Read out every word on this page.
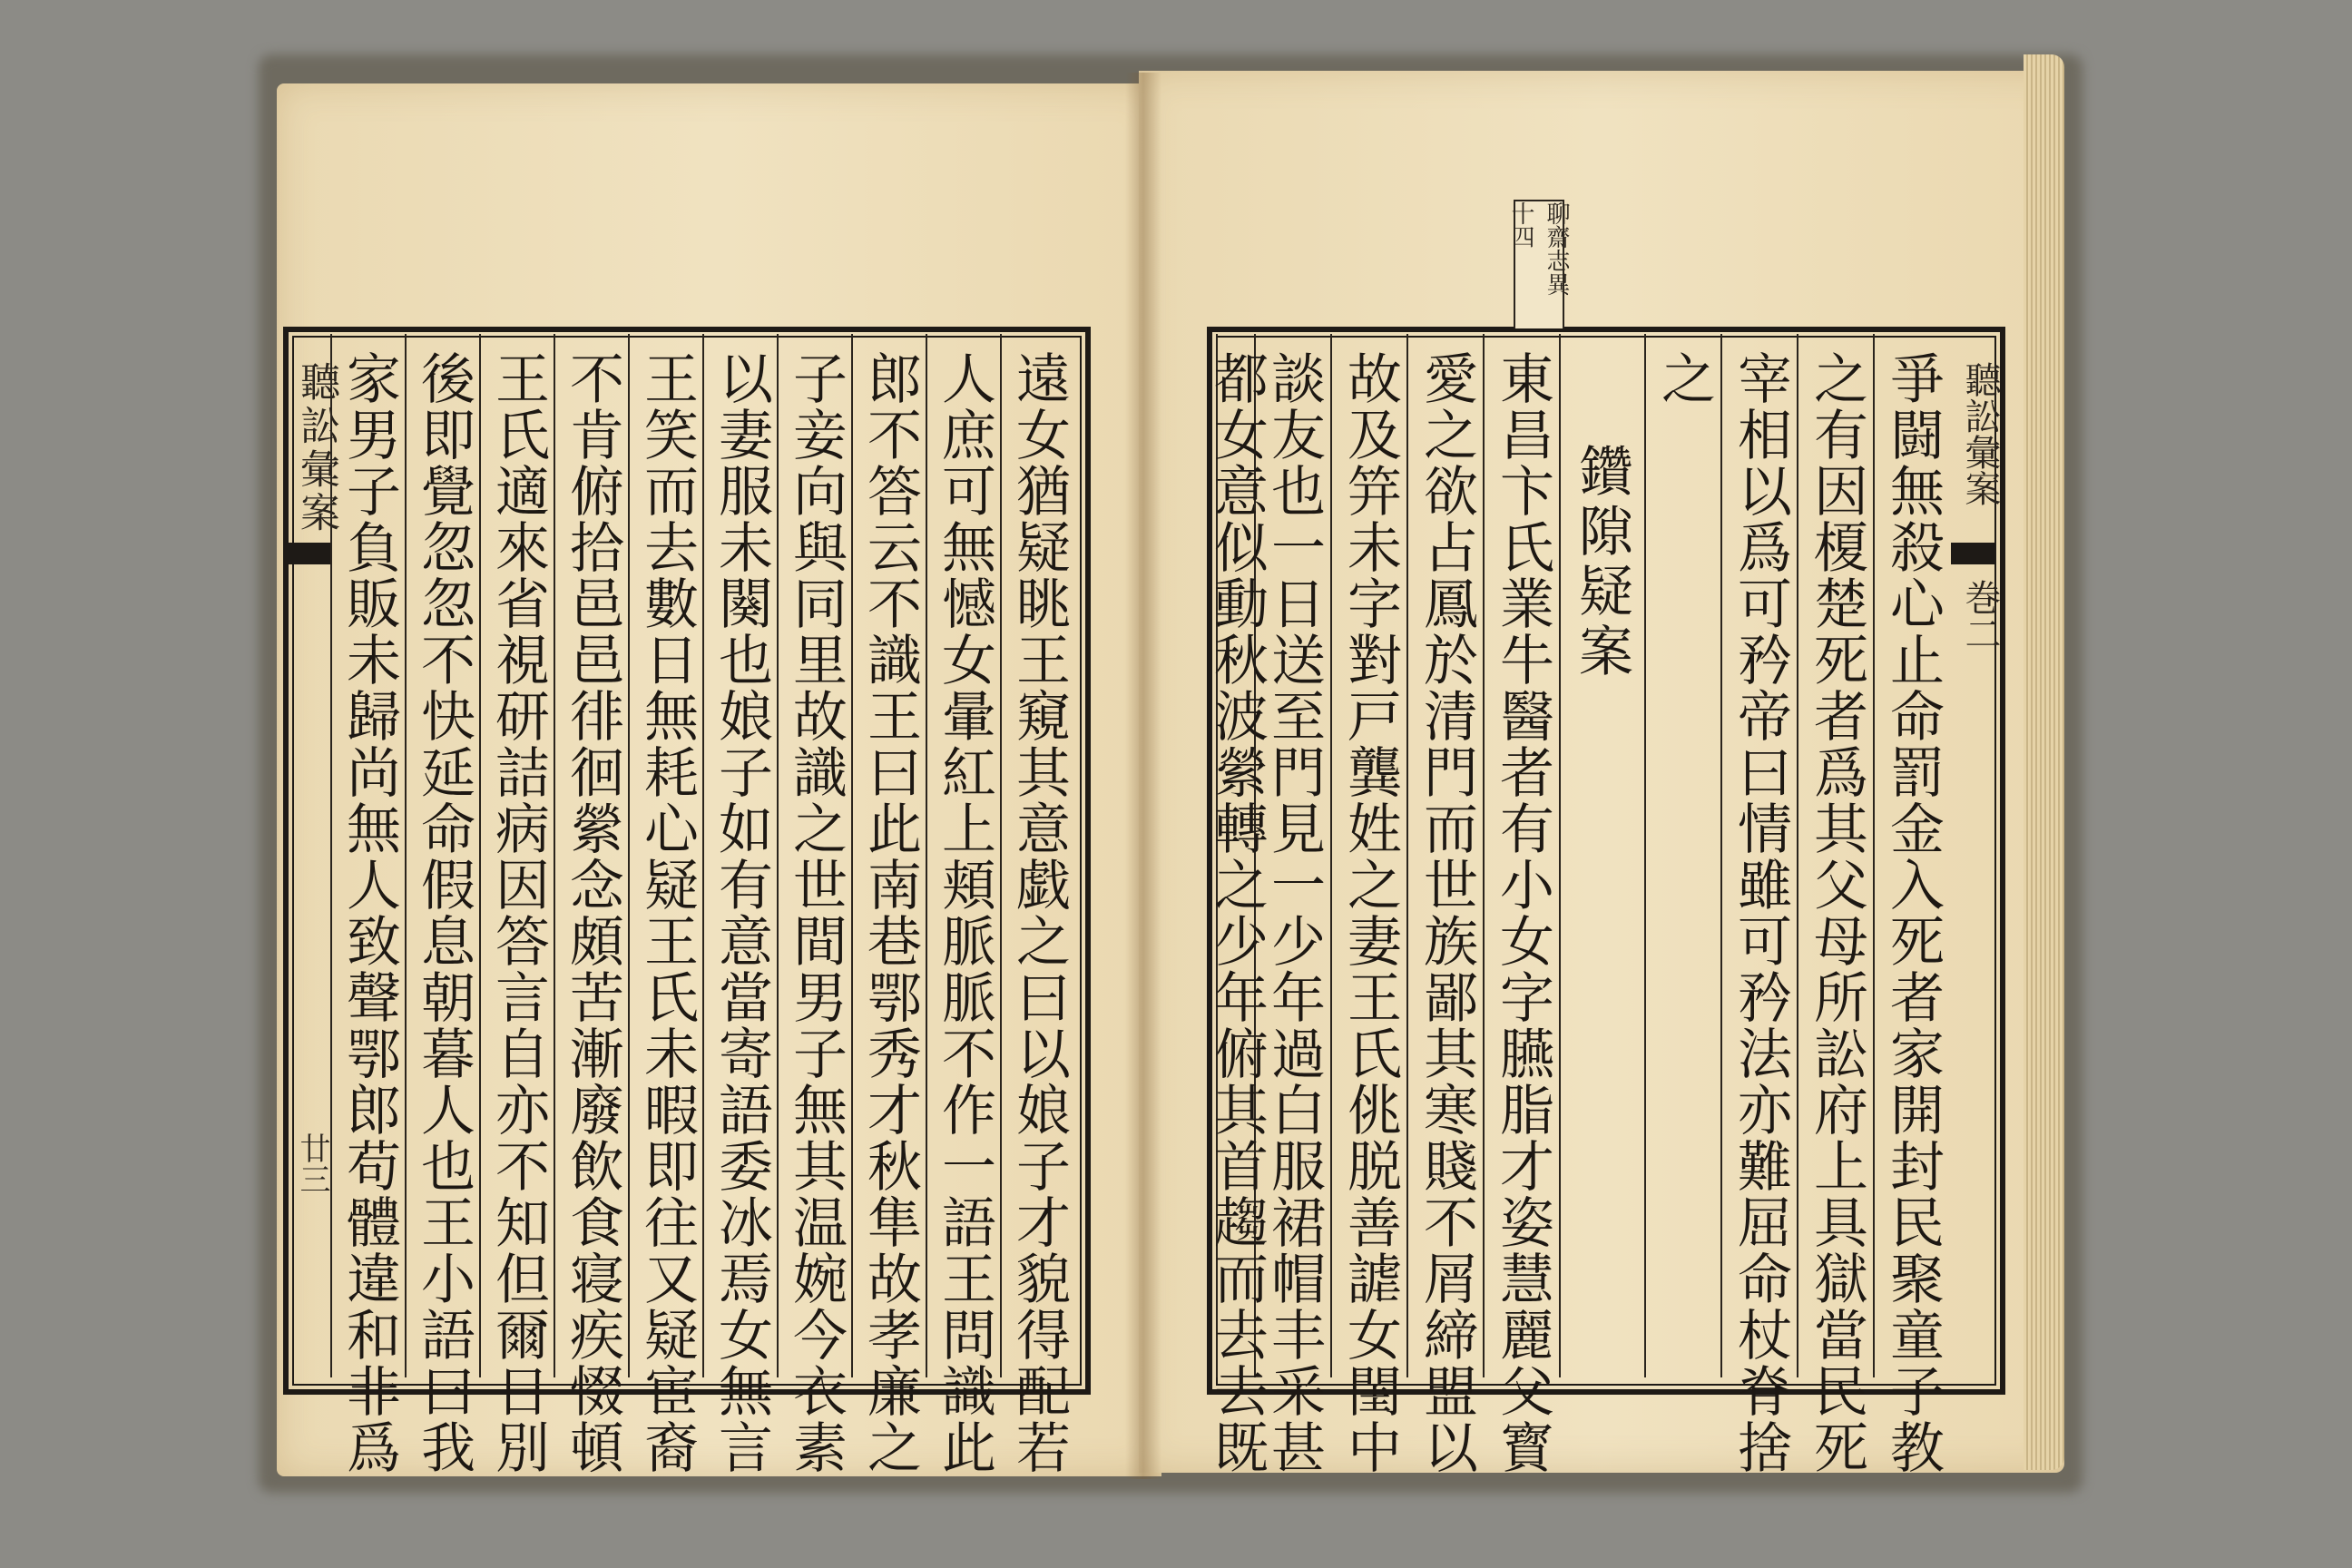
聽訟彙案
廿三	遠女猶疑眺王窺其意戯之曰以娘子才貌得配若
人庶可無憾女暈紅上頬脈脈不作一語王問識此
郎不答云不識王曰此南巷鄂秀才秋隼故孝廉之
子妾向與同里故識之世間男子無其温婉今衣素
以妻服未闋也娘子如有意當寄語委冰焉女無言
王笑而去數日無耗心疑王氏未暇即往又疑宦裔
不肯俯拾邑邑徘徊縈念頗苦漸廢飲食寝疾惙頓
王氏適來省視研詰病因答言自亦不知但爾日別
後即覺忽忽不快延命假息朝暮人也王小語曰我
家男子負販未歸尚無人致聲鄂郎苟體違和非爲
聊齋志異
十四
聽訟彙案
巻二
鑽隙疑案	爭闘無殺心止命罰金入死者家開封民聚童子教
之有因榎楚死者爲其父母所訟府上具獄當民死
宰相以爲可矜帝曰情雖可矜法亦難屈命杖脊捨
之
東昌卞氏業牛醫者有小女字臙脂才姿慧麗父寳
愛之欲占鳳於清門而世族鄙其寒賤不屑締盟以
故及笄未字對戸龔姓之妻王氏佻脱善謔女閨中
談友也一日送至門見一少年過白服裙帽丰采甚
都女意似動秋波縈轉之少年俯其首趨而去去既
